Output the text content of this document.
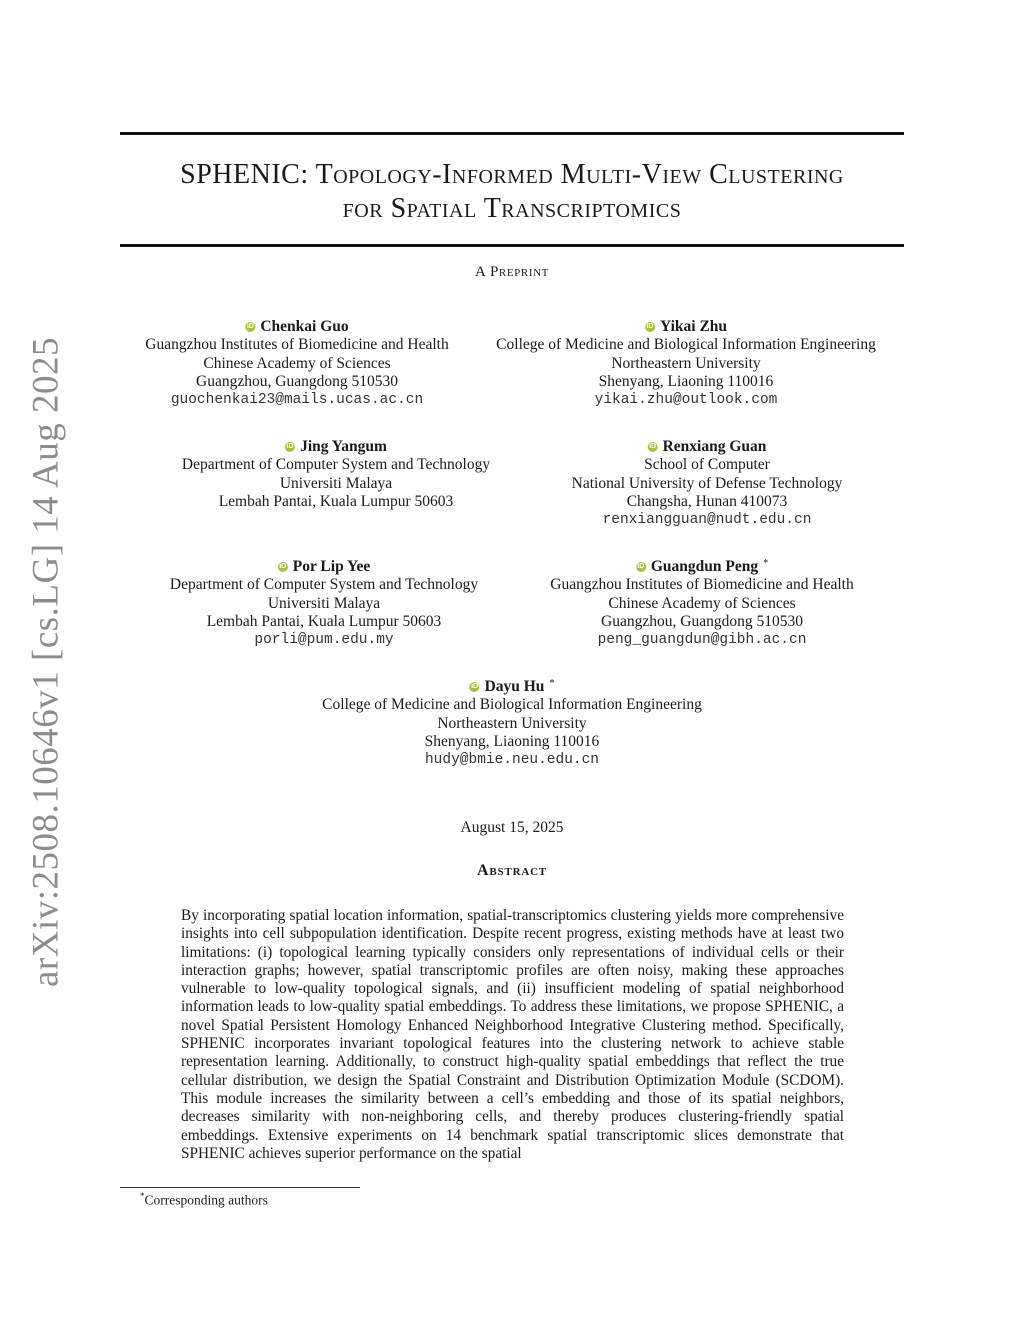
arXiv:2508.10646v1 [cs.LG] 14 Aug 2025
SPHENIC: Topology-Informed Multi-View Clustering
for Spatial Transcriptomics
A Preprint
iD Chenkai Guo
Guangzhou Institutes of Biomedicine and Health
Chinese Academy of Sciences
Guangzhou, Guangdong 510530
guochenkai23@mails.ucas.ac.cn
iD Yikai Zhu
College of Medicine and Biological Information Engineering
Northeastern University
Shenyang, Liaoning 110016
yikai.zhu@outlook.com
iD Jing Yangum
Department of Computer System and Technology
Universiti Malaya
Lembah Pantai, Kuala Lumpur 50603
iD Renxiang Guan
School of Computer
National University of Defense Technology
Changsha, Hunan 410073
renxiangguan@nudt.edu.cn
iD Por Lip Yee
Department of Computer System and Technology
Universiti Malaya
Lembah Pantai, Kuala Lumpur 50603
porli@pum.edu.my
iD Guangdun Peng *
Guangzhou Institutes of Biomedicine and Health
Chinese Academy of Sciences
Guangzhou, Guangdong 510530
peng_guangdun@gibh.ac.cn
iD Dayu Hu *
College of Medicine and Biological Information Engineering
Northeastern University
Shenyang, Liaoning 110016
hudy@bmie.neu.edu.cn
August 15, 2025
Abstract
By incorporating spatial location information, spatial-transcriptomics clustering yields more comprehensive insights into cell subpopulation identification. Despite recent progress, existing methods have at least two limitations: (i) topological learning typically considers only representations of individual cells or their interaction graphs; however, spatial transcriptomic profiles are often noisy, making these approaches vulnerable to low-quality topological signals, and (ii) insufficient modeling of spatial neighborhood information leads to low-quality spatial embeddings. To address these limitations, we propose SPHENIC, a novel Spatial Persistent Homology Enhanced Neighborhood Integrative Clustering method. Specifically, SPHENIC incorporates invariant topological features into the clustering network to achieve stable representation learning. Additionally, to construct high-quality spatial embeddings that reflect the true cellular distribution, we design the Spatial Constraint and Distribution Optimization Module (SCDOM). This module increases the similarity between a cell’s embedding and those of its spatial neighbors, decreases similarity with non-neighboring cells, and thereby produces clustering-friendly spatial embeddings. Extensive experiments on 14 benchmark spatial transcriptomic slices demonstrate that SPHENIC achieves superior performance on the spatial
*Corresponding authors
